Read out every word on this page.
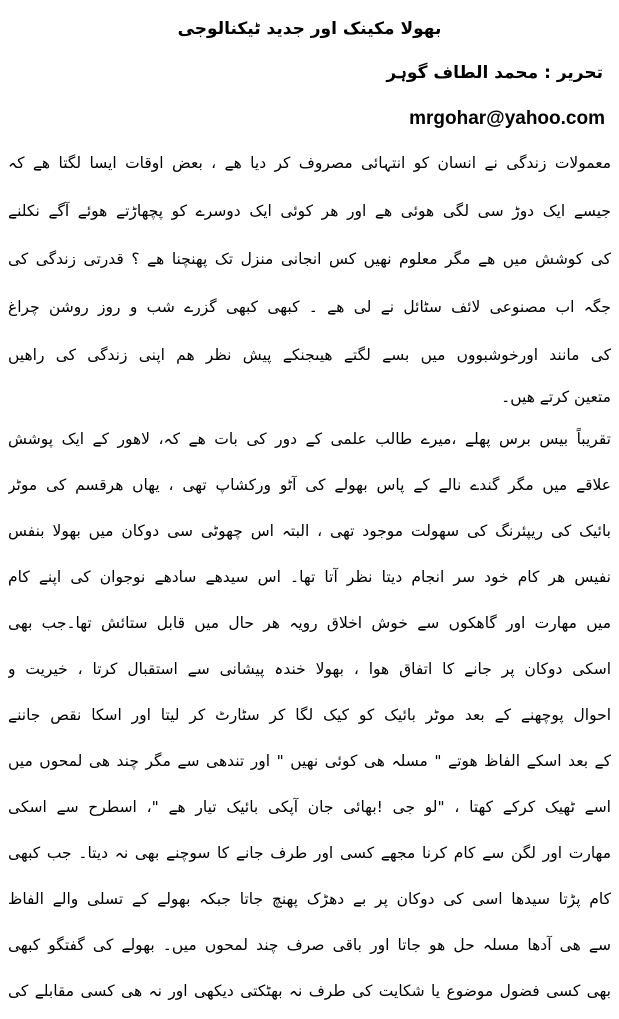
بھولا مکینک اور جدید ٹیکنالوجی
تحریر : محمد الطاف گوہر
mrgohar@yahoo.com
معمولات زندگی نے انسان کو انتہائی مصروف کر دیا ھے ، بعض اوقات ایسا لگتا ھے کہ
جیسے ایک دوڑ سی لگی ھوئی ھے اور ھر کوئی ایک دوسرے کو پچھاڑتے ھوئے آگے نکلنے
کی کوشش میں ھے مگر معلوم نھیں کس انجانی منزل تک پھنچنا ھے ؟ قدرتی زندگی کی
جگہ اب مصنوعی لائف سٹائل نے لی ھے ۔ کبھی کبھی گزرے شب و روز روشن چراغ
کی مانند اورخوشبووں میں بسے لگتے ھیںجنکے پیش نظر ھم اپنی زندگی کی راھیں
متعین کرتے ھیں۔
تقریباً بیس برس پھلے ،میرے طالب علمی کے دور کی بات ھے کہ، لاھور کے ایک پوشش
علاقے میں مگر گندے نالے کے پاس بھولے کی آٹو ورکشاپ تھی ، یھاں ھرقسم کی موٹر
بائیک کی ریپئرنگ کی سھولت موجود تھی ، البتہ اس چھوٹی سی دوکان میں بھولا بنفس
نفیس ھر کام خود سر انجام دیتا نظر آتا تھا۔ اس سیدھے سادھے نوجوان کی اپنے کام
میں مھارت اور گاھکوں سے خوش اخلاق رویہ ھر حال میں قابل ستائش تھا۔جب بھی
اسکی دوکان پر جانے کا اتفاق ھوا ، بھولا خندہ پیشانی سے استقبال کرتا ، خیریت و
احوال پوچھنے کے بعد موٹر بائیک کو کیک لگا کر سٹارٹ کر لیتا اور اسکا نقص جاننے
کے بعد اسکے الفاظ ھوتے " مسلہ ھی کوئی نھیں " اور تندھی سے مگر چند ھی لمحوں میں
اسے ٹھیک کرکے کھتا ، "لو جی !بھائی جان آپکی بائیک تیار ھے "، اسطرح سے اسکی
مھارت اور لگن سے کام کرنا مجھے کسی اور طرف جانے کا سوچنے بھی نہ دیتا۔ جب کبھی
کام پڑتا سیدھا اسی کی دوکان پر بے دھڑک پھنچ جاتا جبکہ بھولے کے تسلی والے الفاظ
سے ھی آدھا مسلہ حل ھو جاتا اور باقی صرف چند لمحوں میں۔ بھولے کی گفتگو کبھی
بھی کسی فضول موضوع یا شکایت کی طرف نہ بھٹکتی دیکھی اور نہ ھی کسی مقابلے کی
